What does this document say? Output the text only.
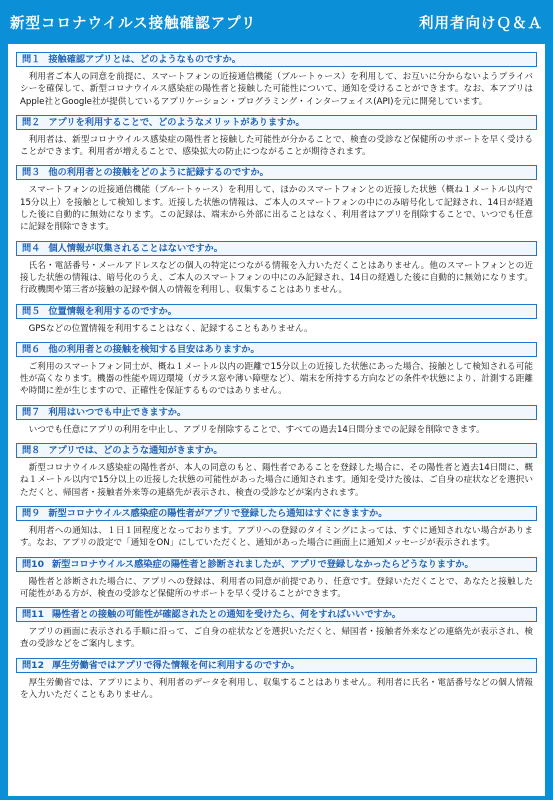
新型コロナウイルス接触確認アプリ	利用者向けＱ＆Ａ
問１ 接触確認アプリとは、どのようなものですか。
利用者ご本人の同意を前提に、スマートフォンの近接通信機能（ブルートゥース）を利用して、お互いに分からないようプライバシーを確保して、新型コロナウイルス感染症の陽性者と接触した可能性について、通知を受けることができます。なお、本アプリはApple社とGoogle社が提供しているアプリケーション・プログラミング・インターフェイス(API)を元に開発しています。
問２ アプリを利用することで、どのようなメリットがありますか。
利用者は、新型コロナウイルス感染症の陽性者と接触した可能性が分かることで、検査の受診など保健所のサポートを早く受けることができます。利用者が増えることで、感染拡大の防止につながることが期待されます。
問３ 他の利用者との接触をどのように記録するのですか。
スマートフォンの近接通信機能（ブルートゥース）を利用して、ほかのスマートフォンとの近接した状態（概ね１メートル以内で15分以上）を接触として検知します。近接した状態の情報は、ご本人のスマートフォンの中にのみ暗号化して記録され、14日が経過した後に自動的に無効になります。この記録は、端末から外部に出ることはなく、利用者はアプリを削除することで、いつでも任意に記録を削除できます。
問４ 個人情報が収集されることはないですか。
氏名・電話番号・メールアドレスなどの個人の特定につながる情報を入力いただくことはありません。他のスマートフォンとの近接した状態の情報は、暗号化のうえ、ご本人のスマートフォンの中にのみ記録され、14日の経過した後に自動的に無効になります。行政機関や第三者が接触の記録や個人の情報を利用し、収集することはありません。
問５ 位置情報を利用するのですか。
GPSなどの位置情報を利用することはなく、記録することもありません。
問６ 他の利用者との接触を検知する目安はありますか。
ご利用のスマートフォン同士が、概ね１メートル以内の距離で15分以上の近接した状態にあった場合、接触として検知される可能性が高くなります。機器の性能や周辺環境（ガラス窓や薄い障壁など）、端末を所持する方向などの条件や状態により、計測する距離や時間に差が生じますので、正確性を保証するものではありません。
問７ 利用はいつでも中止できますか。
いつでも任意にアプリの利用を中止し、アプリを削除することで、すべての過去14日間分までの記録を削除できます。
問８ アプリでは、どのような通知がきますか。
新型コロナウイルス感染症の陽性者が、本人の同意のもと、陽性者であることを登録した場合に、その陽性者と過去14日間に、概ね１メートル以内で15分以上の近接した状態の可能性があった場合に通知されます。通知を受けた後は、ご自身の症状などを選択いただくと、帰国者・接触者外来等の連絡先が表示され、検査の受診などが案内されます。
問９ 新型コロナウイルス感染症の陽性者がアプリで登録したら通知はすぐにきますか。
利用者への通知は、１日１回程度となっております。アプリへの登録のタイミングによっては、すぐに通知されない場合があります。なお、アプリの設定で「通知をON」にしていただくと、通知があった場合に画面上に通知メッセージが表示されます。
問10 新型コロナウイルス感染症の陽性者と診断されましたが、アプリで登録しなかったらどうなりますか。
陽性者と診断された場合に、アプリへの登録は、利用者の同意が前提であり、任意です。登録いただくことで、あなたと接触した可能性がある方が、検査の受診など保健所のサポートを早く受けることができます。
問11 陽性者との接触の可能性が確認されたとの通知を受けたら、何をすればいいですか。
アプリの画面に表示される手順に沿って、ご自身の症状などを選択いただくと、帰国者・接触者外来などの連絡先が表示され、検査の受診などをご案内します。
問12 厚生労働省ではアプリで得た情報を何に利用するのですか。
厚生労働省では、アプリにより、利用者のデータを利用し、収集することはありません。利用者に氏名・電話番号などの個人情報を入力いただくこともありません。
